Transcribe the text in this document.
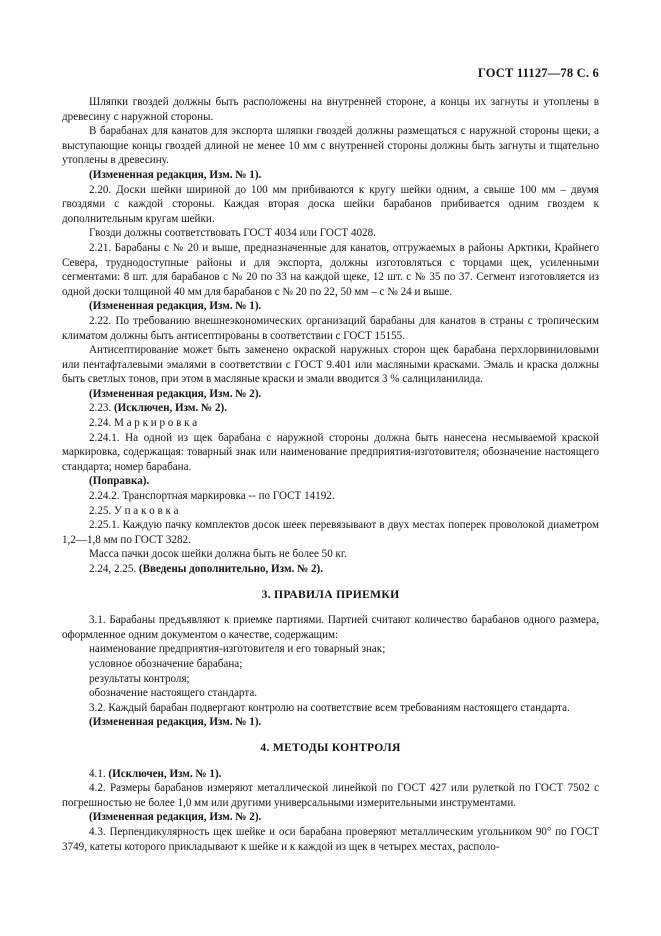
ГОСТ 11127—78 С. 6

Шляпки гвоздей должны быть расположены на внутренней стороне, а концы их загнуты и утоплены в древесину с наружной стороны.

В барабанах для канатов для экспорта шляпки гвоздей должны размещаться с наружной стороны щеки, а выступающие концы гвоздей длиной не менее 10 мм с внутренней стороны должны быть загнуты и тщательно утоплены в древесину.

(Измененная редакция, Изм. № 1).

2.20. Доски шейки шириной до 100 мм прибиваются к кругу шейки одним, а свыше 100 мм – двумя гвоздями с каждой стороны. Каждая вторая доска шейки барабанов прибивается одним гвоздем к дополнительным кругам шейки.

Гвозди должны соответствовать ГОСТ 4034 или ГОСТ 4028.

2.21. Барабаны с № 20 и выше, предназначенные для канатов, отгружаемых в районы Арктики, Крайнего Севера, труднодоступные районы и для экспорта, должны изготовляться с торцами щек, усиленными сегментами: 8 шт. для барабанов с № 20 по 33 на каждой щеке, 12 шт. с № 35 по 37. Сегмент изготовляется из одной доски толщиной 40 мм для барабанов с № 20 по 22, 50 мм – с № 24 и выше.

(Измененная редакция, Изм. № 1).

2.22. По требованию внешнеэкономических организаций барабаны для канатов в страны с тропическим климатом должны быть антисептированы в соответствии с ГОСТ 15155.

Антисептирование может быть заменено окраской наружных сторон щек барабана перхлорвиниловыми или пентафталевыми эмалями в соответствии с ГОСТ 9.401 или масляными красками. Эмаль и краска должны быть светлых тонов, при этом в масляные краски и эмали вводится 3 % салициланилида.

(Измененная редакция, Изм. № 2).

2.23. (Исключен, Изм. № 2).

2.24. М а р к и р о в к а

2.24.1. На одной из щек барабана с наружной стороны должна быть нанесена несмываемой краской маркировка, содержащая: товарный знак или наименование предприятия-изготовителя; обозначение настоящего стандарта; номер барабана.

(Поправка).

2.24.2. Транспортная маркировка -- по ГОСТ 14192.

2.25. У п а к о в к а

2.25.1. Каждую пачку комплектов досок шеек перевязывают в двух местах поперек проволокой диаметром 1,2—1,8 мм по ГОСТ 3282.

Масса пачки досок шейки должна быть не более 50 кг.

2.24, 2.25. (Введены дополнительно, Изм. № 2).

3. ПРАВИЛА ПРИЕМКИ

3.1. Барабаны предъявляют к приемке партиями. Партией считают количество барабанов одного размера, оформленное одним документом о качестве, содержащим:

наименование предприятия-изготовителя и его товарный знак;

условное обозначение барабана;

результаты контроля;

обозначение настоящего стандарта.

3.2. Каждый барабан подвергают контролю на соответствие всем требованиям настоящего стандарта.

(Измененная редакция, Изм. № 1).

4. МЕТОДЫ КОНТРОЛЯ

4.1. (Исключен, Изм. № 1).

4.2. Размеры барабанов измеряют металлической линейкой по ГОСТ 427 или рулеткой по ГОСТ 7502 с погрешностью не более 1,0 мм или другими универсальными измерительными инструментами.

(Измененная редакция, Изм. № 2).

4.3. Перпендикулярность щек шейке и оси барабана проверяют металлическим угольником 90° по ГОСТ 3749, катеты которого прикладывают к шейке и к каждой из щек в четырех местах, располо-
